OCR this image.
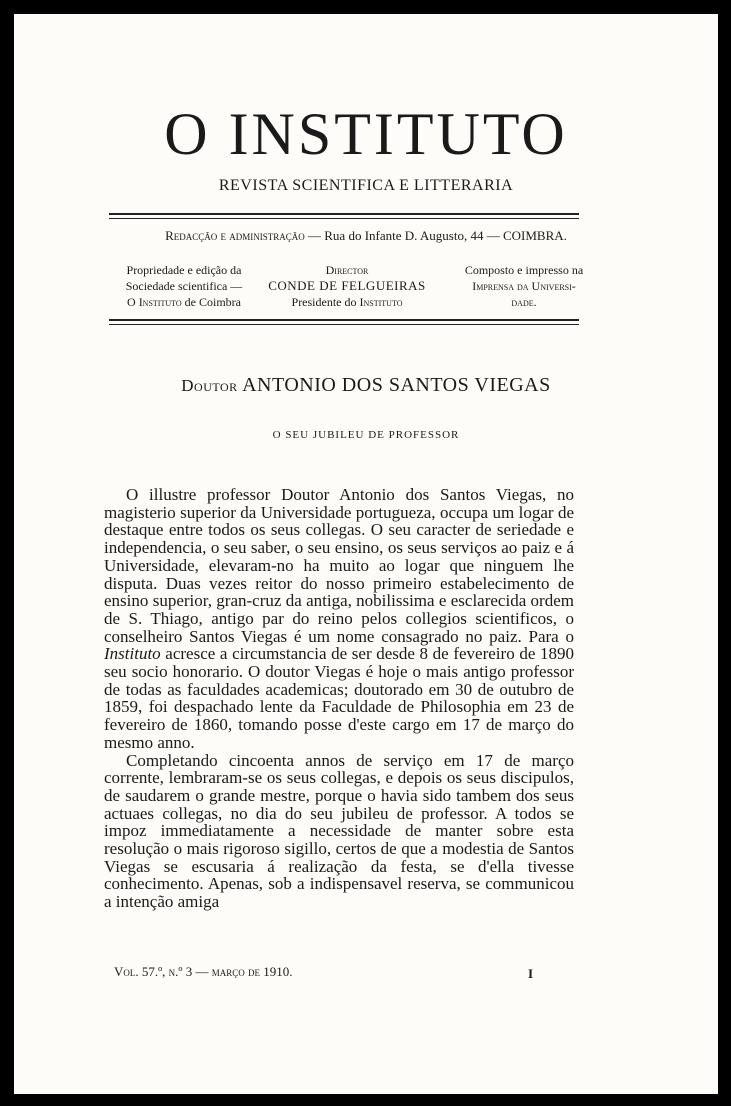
O INSTITUTO
REVISTA SCIENTIFICA E LITTERARIA
Redacção e administração — Rua do Infante D. Augusto, 44 — COIMBRA.
Propriedade e edição da
Sociedade scientifica —
O Instituto de Coimbra
Director
CONDE DE FELGUEIRAS
Presidente do Instituto
Composto e impresso na
Imprensa da Universi-
dade.
Doutor ANTONIO DOS SANTOS VIEGAS
O SEU JUBILEU DE PROFESSOR

O illustre professor Doutor Antonio dos Santos Viegas, no magisterio superior da Universidade portugueza, occupa um logar de destaque entre todos os seus collegas. O seu caracter de seriedade e independencia, o seu saber, o seu ensino, os seus serviços ao paiz e á Universidade, elevaram-no ha muito ao logar que ninguem lhe disputa. Duas vezes reitor do nosso primeiro estabelecimento de ensino superior, gran-cruz da antiga, nobilissima e esclarecida ordem de S. Thiago, antigo par do reino pelos collegios scientificos, o conselheiro Santos Viegas é um nome consagrado no paiz. Para o Instituto acresce a circumstancia de ser desde 8 de fevereiro de 1890 seu socio honorario. O doutor Viegas é hoje o mais antigo professor de todas as faculdades academicas; doutorado em 30 de outubro de 1859, foi despachado lente da Faculdade de Philosophia em 23 de fevereiro de 1860, tomando posse d'este cargo em 17 de março do mesmo anno.

Completando cincoenta annos de serviço em 17 de março corrente, lembraram-se os seus collegas, e depois os seus discipulos, de saudarem o grande mestre, porque o havia sido tambem dos seus actuaes collegas, no dia do seu jubileu de professor. A todos se impoz immediatamente a necessidade de manter sobre esta resolução o mais rigoroso sigillo, certos de que a modestia de Santos Viegas se escusaria á realização da festa, se d'ella tivesse conhecimento. Apenas, sob a indispensavel reserva, se communicou a intenção amiga

Vol. 57.º, n.º 3 — março de 1910.	I
